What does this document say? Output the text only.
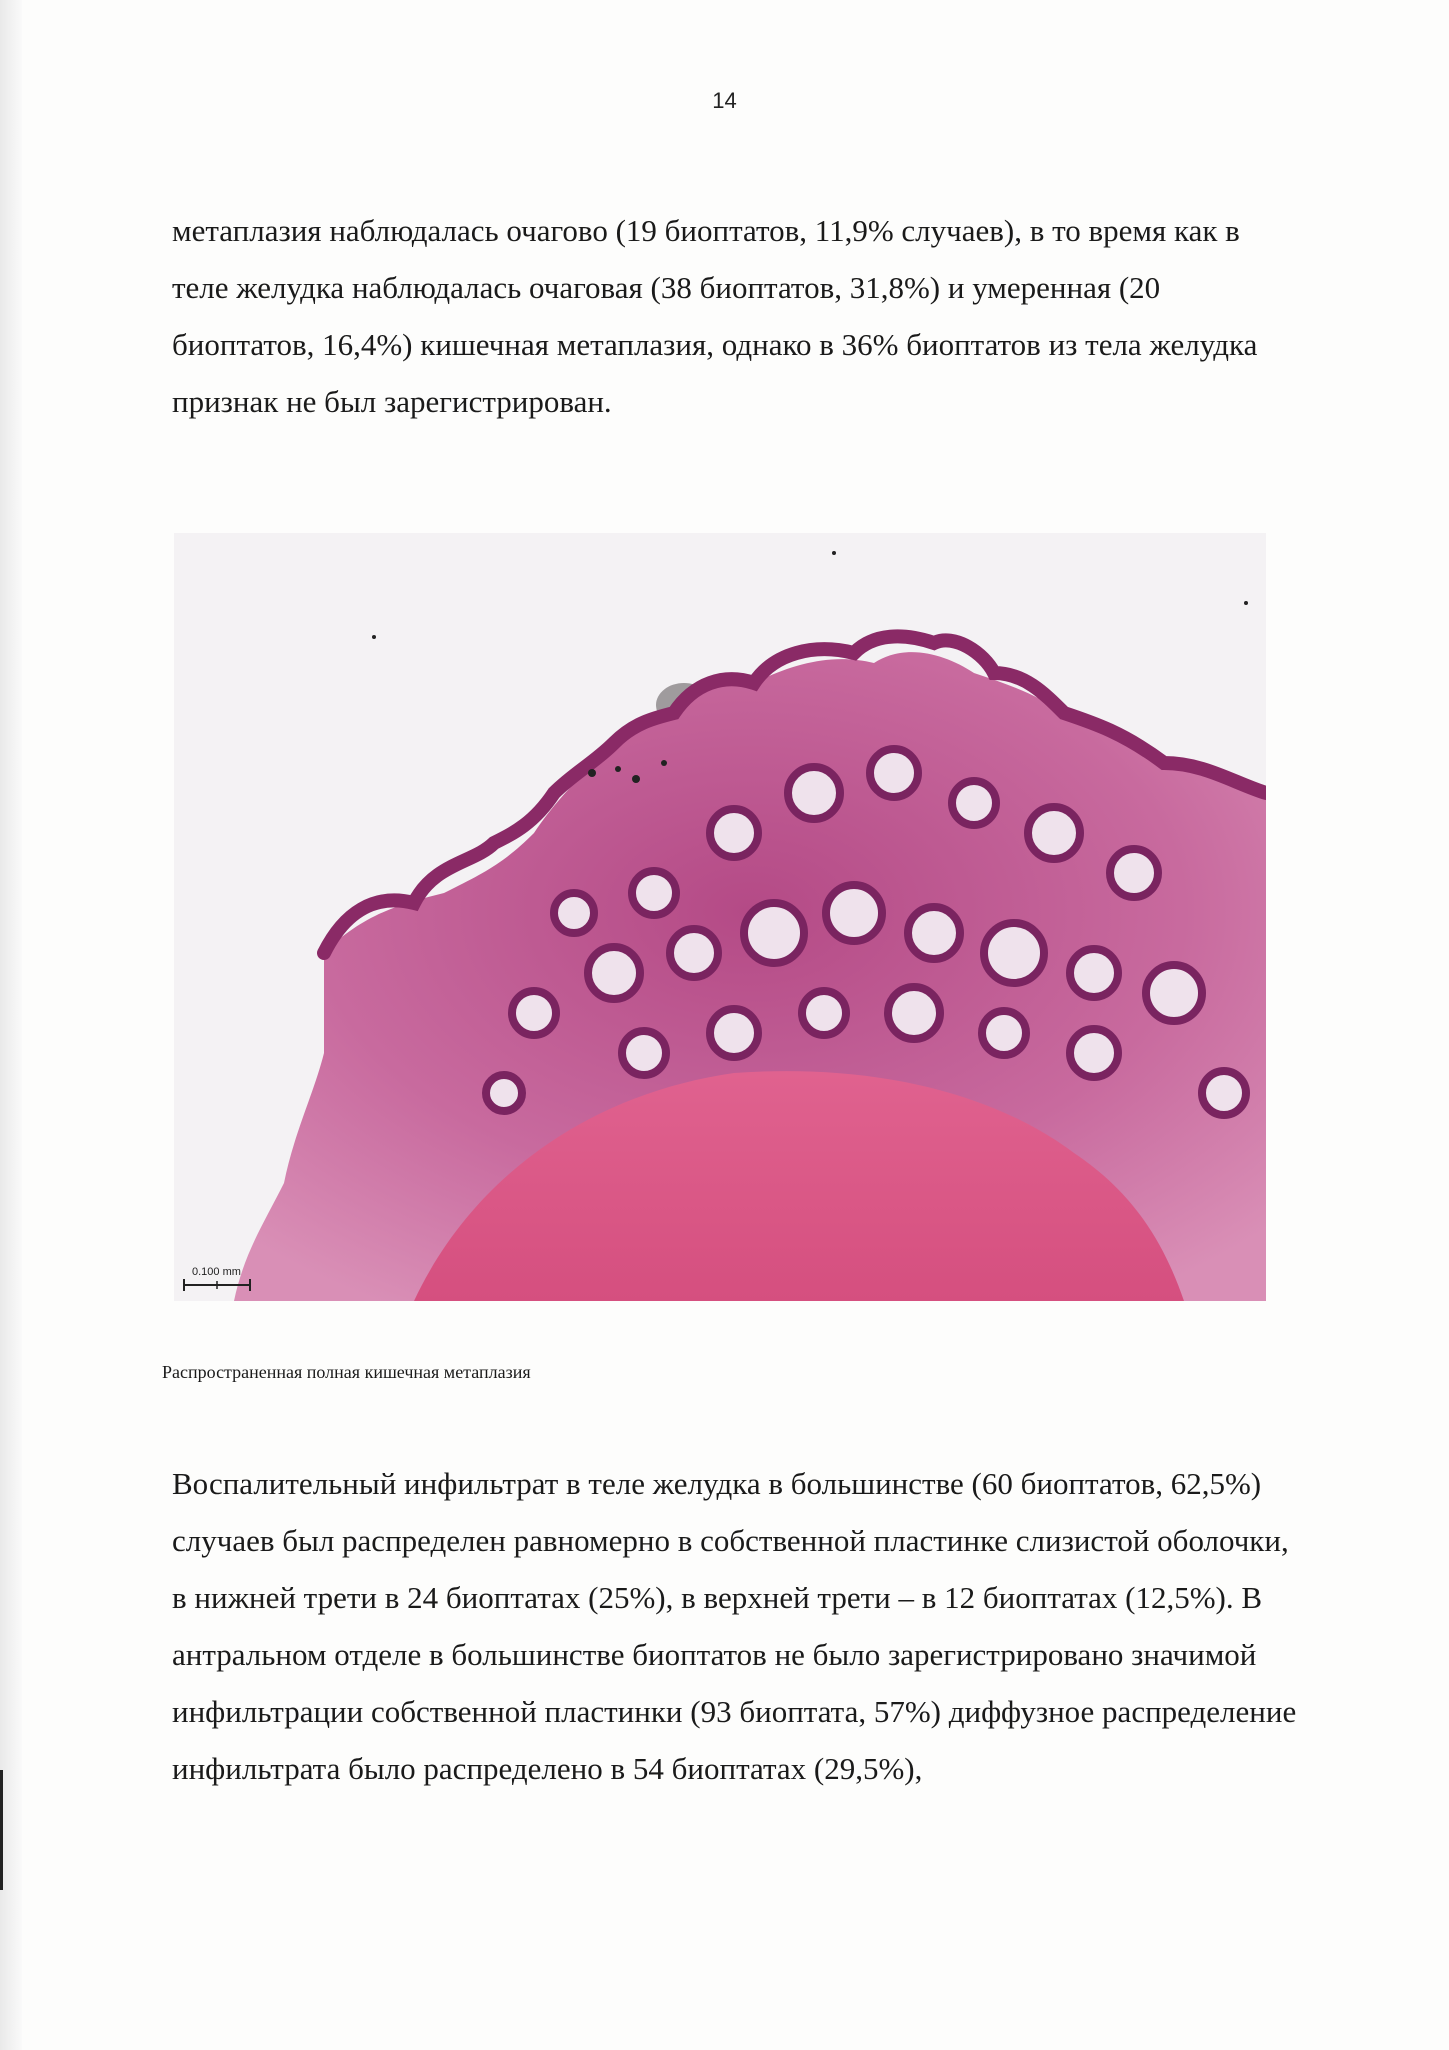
14

метаплазия наблюдалась очагово (19 биоптатов, 11,9% случаев), в то время как в теле желудка наблюдалась очаговая (38 биоптатов, 31,8%) и умеренная (20 биоптатов, 16,4%) кишечная метаплазия, однако в 36% биоптатов из тела желудка признак не был зарегистрирован.

0.100 mm
Распространенная полная кишечная метаплазия

Воспалительный инфильтрат в теле желудка в большинстве (60 биоптатов, 62,5%) случаев был распределен равномерно в собственной пластинке слизистой оболочки, в нижней трети в 24 биоптатах (25%), в верхней трети – в 12 биоптатах (12,5%). В антральном отделе в большинстве биоптатов не было зарегистрировано значимой инфильтрации собственной пластинки (93 биоптата, 57%) диффузное распределение инфильтрата было распределено в 54 биоптатах (29,5%),
